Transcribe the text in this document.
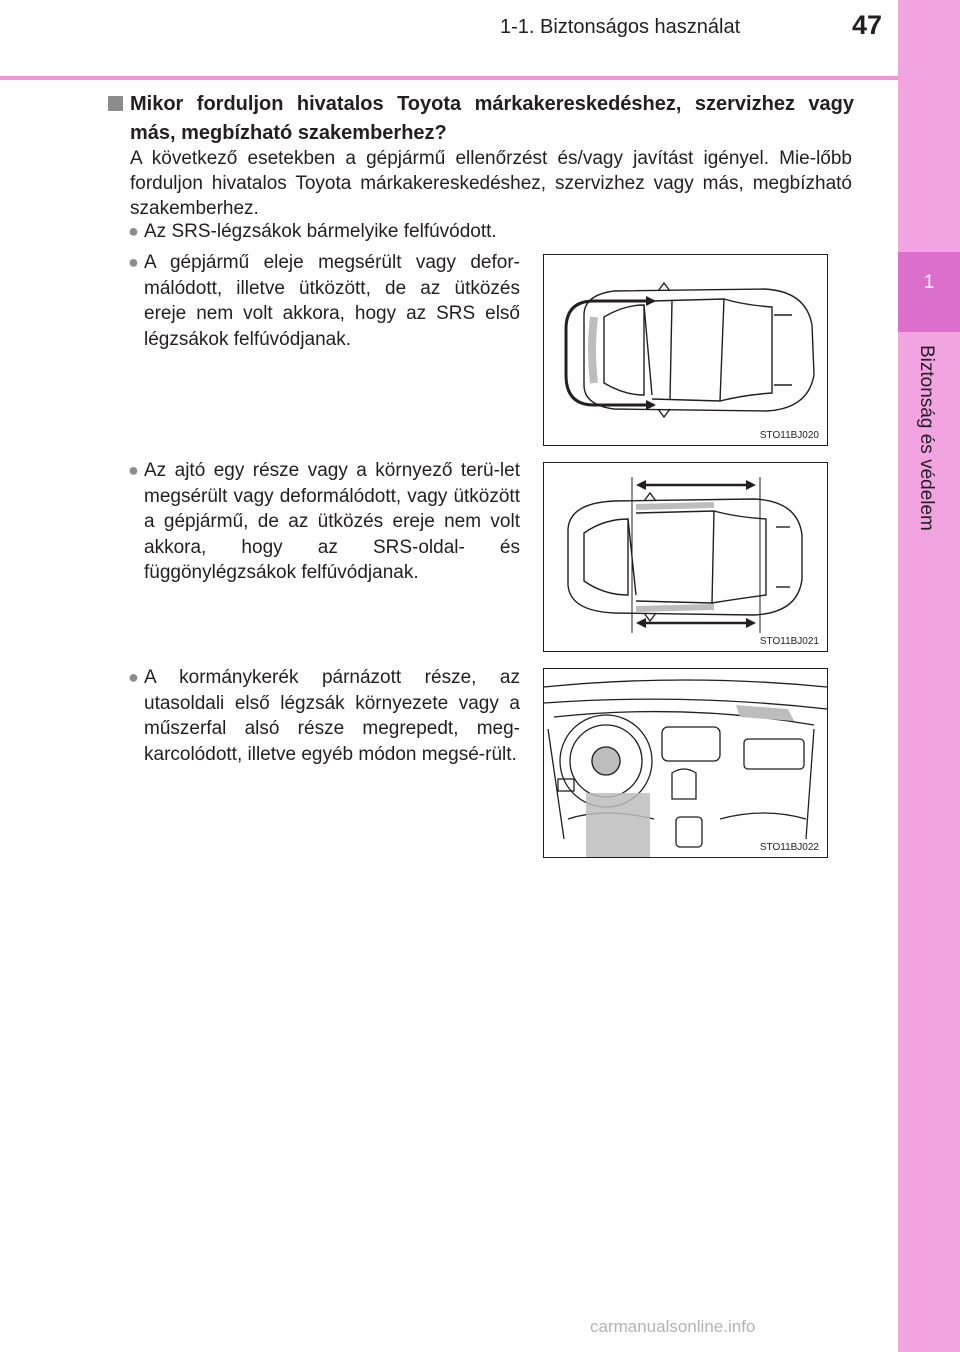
1-1. Biztonságos használat	47
1
Biztonság és védelem
Mikor forduljon hivatalos Toyota márkakereskedéshez, szervizhez vagy más, megbízható szakemberhez?
A következő esetekben a gépjármű ellenőrzést és/vagy javítást igényel. Mie-lőbb forduljon hivatalos Toyota márkakereskedéshez, szervizhez vagy más, megbízható szakemberhez.
● Az SRS-légzsákok bármelyike felfúvódott.
● A gépjármű eleje megsérült vagy defor-málódott, illetve ütközött, de az ütközés ereje nem volt akkora, hogy az SRS első légzsákok felfúvódjanak.
● Az ajtó egy része vagy a környező terü-let megsérült vagy deformálódott, vagy ütközött a gépjármű, de az ütközés ereje nem volt akkora, hogy az SRS-oldal- és függönylégzsákok felfúvódjanak.
● A kormánykerék párnázott része, az utasoldali első légzsák környezete vagy a műszerfal alsó része megrepedt, meg-karcolódott, illetve egyéb módon megsé-rült.
STO11BJ020
STO11BJ021
STO11BJ022
carmanualsonline.info
